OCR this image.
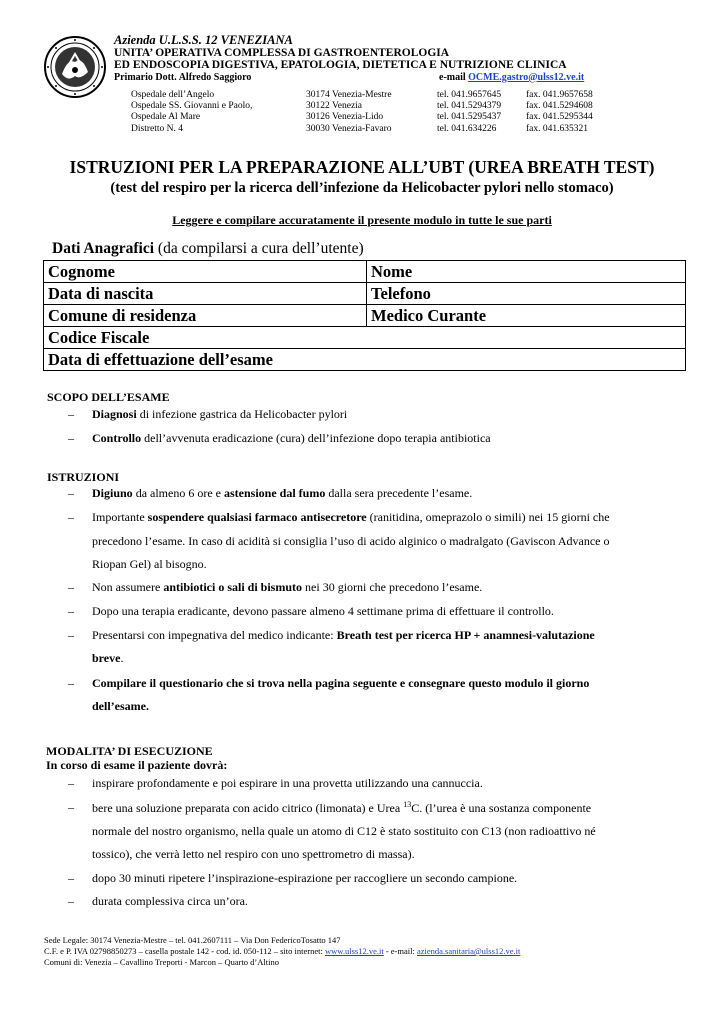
Azienda U.L.S.S. 12 VENEZIANA
UNITA’ OPERATIVA COMPLESSA DI GASTROENTEROLOGIA
ED ENDOSCOPIA DIGESTIVA, EPATOLOGIA, DIETETICA E NUTRIZIONE CLINICA
Primario Dott. Alfredo Saggioro	e-mail OCME.gastro@ulss12.ve.it
Ospedale dell’Angelo	30174 Venezia-Mestre	tel. 041.9657645	fax. 041.9657658
Ospedale SS. Giovanni e Paolo,	30122 Venezia	tel. 041.5294379	fax. 041.5294608
Ospedale Al Mare	30126 Venezia-Lido	tel. 041.5295437	fax. 041.5295344
Distretto N. 4	30030 Venezia-Favaro	tel. 041.634226	fax. 041.635321
ISTRUZIONI PER LA PREPARAZIONE ALL’UBT (UREA BREATH TEST)
(test del respiro per la ricerca dell’infezione da Helicobacter pylori nello stomaco)
Leggere e compilare accuratamente il presente modulo in tutte le sue parti
Dati Anagrafici (da compilarsi a cura dell’utente)
Cognome	Nome
Data di nascita	Telefono
Comune di residenza	Medico Curante
Codice Fiscale	
Data di effettuazione dell’esame	
SCOPO DELL’ESAME
– Diagnosi di infezione gastrica da Helicobacter pylori
– Controllo dell’avvenuta eradicazione (cura) dell’infezione dopo terapia antibiotica
ISTRUZIONI
– Digiuno da almeno 6 ore e astensione dal fumo dalla sera precedente l’esame.
– Importante sospendere qualsiasi farmaco antisecretore (ranitidina, omeprazolo o simili) nei 15 giorni che
precedono l’esame. In caso di acidità si consiglia l’uso di acido alginico o madralgato (Gaviscon Advance o
Riopan Gel) al bisogno.
– Non assumere antibiotici o sali di bismuto nei 30 giorni che precedono l’esame.
– Dopo una terapia eradicante, devono passare almeno 4 settimane prima di effettuare il controllo.
– Presentarsi con impegnativa del medico indicante: Breath test per ricerca HP + anamnesi-valutazione
breve.
– Compilare il questionario che si trova nella pagina seguente e consegnare questo modulo il giorno
dell’esame.
MODALITA’ DI ESECUZIONE
In corso di esame il paziente dovrà:
– inspirare profondamente e poi espirare in una provetta utilizzando una cannuccia.
– bere una soluzione preparata con acido citrico (limonata) e Urea $^{13}$C. (l’urea è una sostanza componente
normale del nostro organismo, nella quale un atomo di C12 è stato sostituito con C13 (non radioattivo né
tossico), che verrà letto nel respiro con uno spettrometro di massa).
– dopo 30 minuti ripetere l’inspirazione-espirazione per raccogliere un secondo campione.
– durata complessiva circa un’ora.
Sede Legale: 30174 Venezia-Mestre – tel. 041.2607111 – Via Don FedericoTosatto 147
C.F. e P. IVA 02798850273 – casella postale 142 - cod. id. 050-112 – sito internet: www.ulss12.ve.it - e-mail: azienda.sanitaria@ulss12.ve.it
Comuni di: Venezia – Cavallino Treporti - Marcon – Quarto d’Altino
